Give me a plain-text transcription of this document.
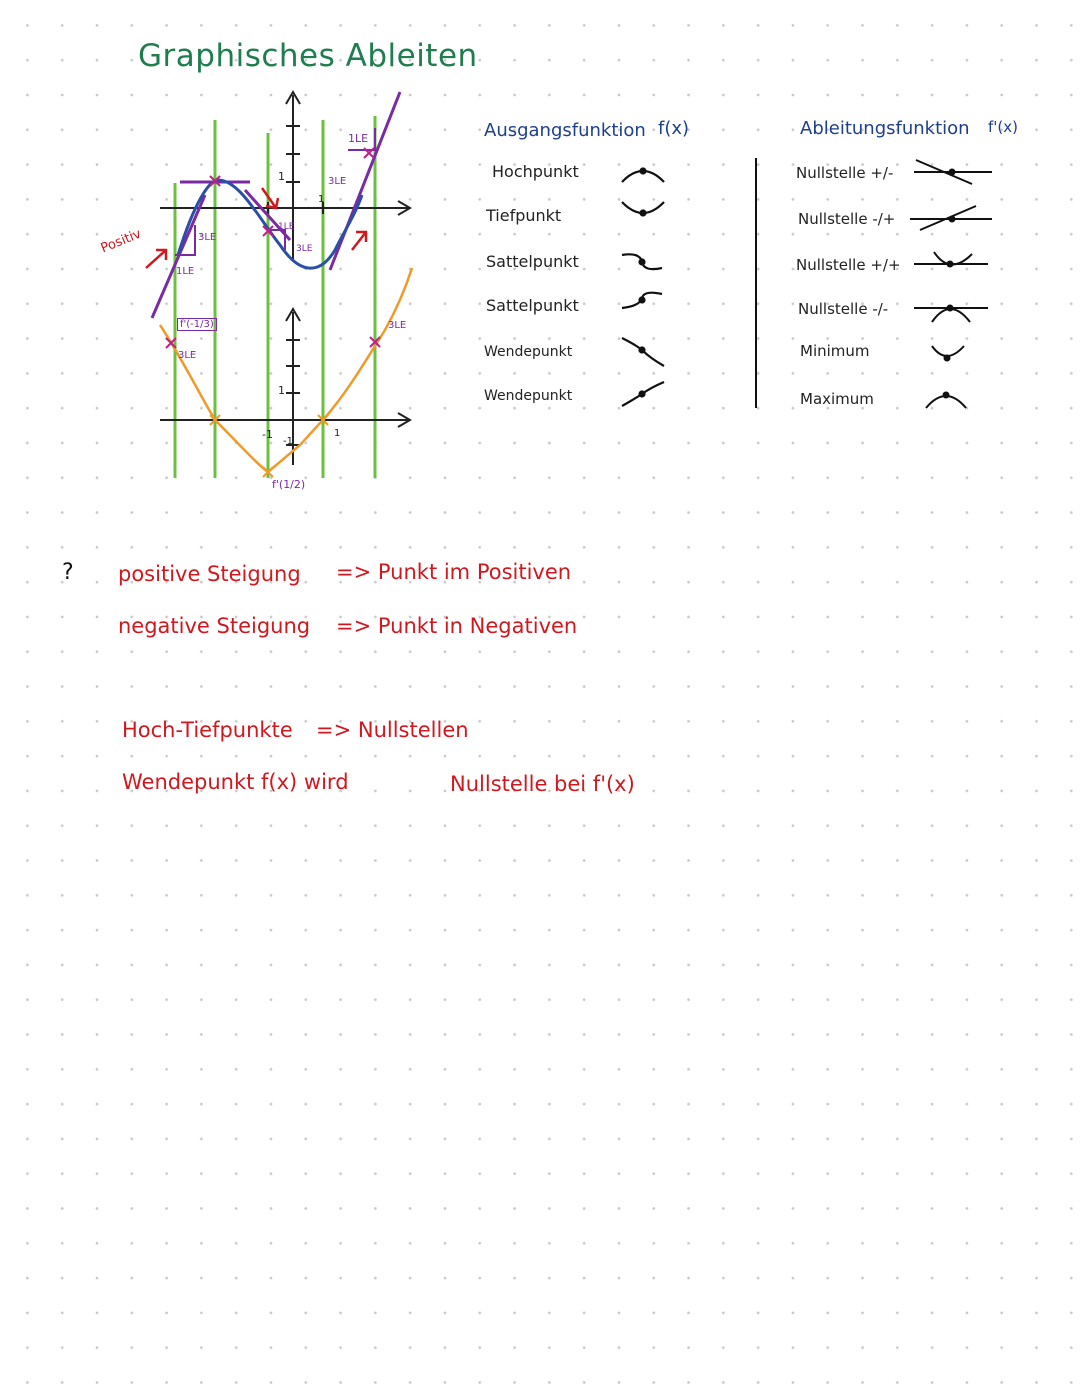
Graphisches Ableiten
Positiv
1LE
3LE
1LE
3LE
3LE
1LE
3LE
3LE
1
1
-1
1
1
-1
f'(-1/3)
f'(1/2)
Ausgangsfunktion f(x)
Hochpunkt
Tiefpunkt
Sattelpunkt
Sattelpunkt
Wendepunkt
Wendepunkt
Ableitungsfunktion f'(x)
Nullstelle +/-
Nullstelle -/+
Nullstelle +/+
Nullstelle -/-
Minimum
Maximum
? positive Steigung => Punkt im Positiven
negative Steigung => Punkt in Negativen
Hoch-Tiefpunkte => Nullstellen
Wendepunkt f(x) wird	Nullstelle bei f'(x)
